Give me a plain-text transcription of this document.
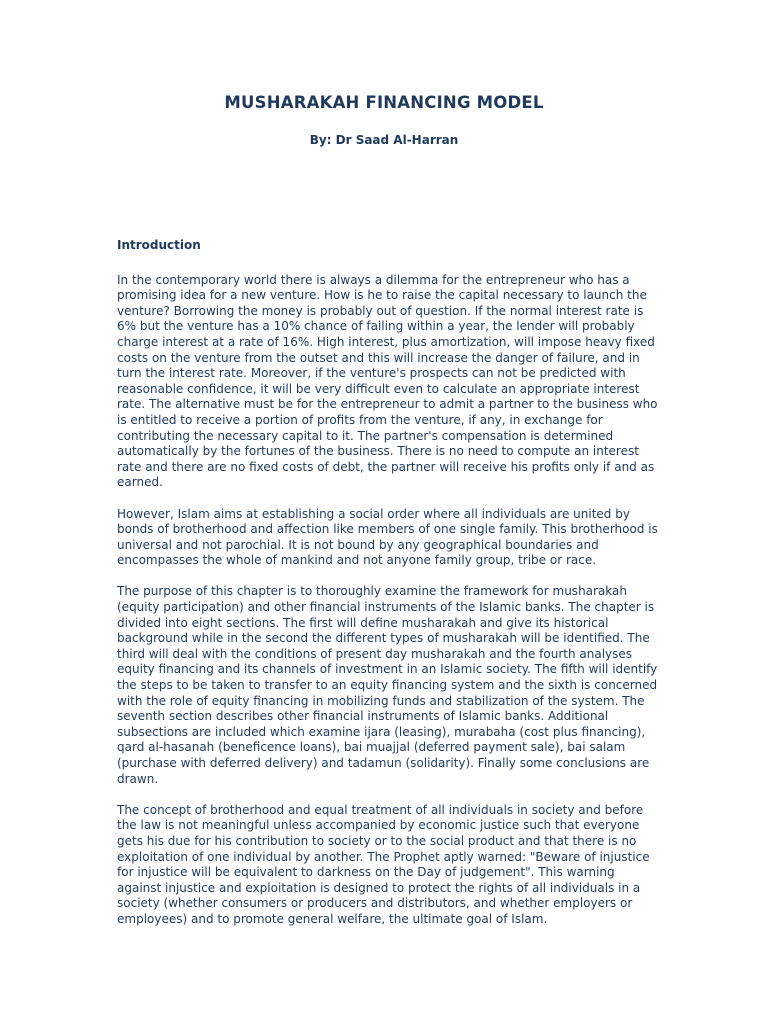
MUSHARAKAH FINANCING MODEL

By: Dr Saad Al-Harran

Introduction

In the contemporary world there is always a dilemma for the entrepreneur who has a promising idea for a new venture. How is he to raise the capital necessary to launch the venture? Borrowing the money is probably out of question. If the normal interest rate is 6% but the venture has a 10% chance of failing within a year, the lender will probably charge interest at a rate of 16%. High interest, plus amortization, will impose heavy fixed costs on the venture from the outset and this will increase the danger of failure, and in turn the interest rate. Moreover, if the venture's prospects can not be predicted with reasonable confidence, it will be very difficult even to calculate an appropriate interest rate. The alternative must be for the entrepreneur to admit a partner to the business who is entitled to receive a portion of profits from the venture, if any, in exchange for contributing the necessary capital to it. The partner's compensation is determined automatically by the fortunes of the business. There is no need to compute an interest rate and there are no fixed costs of debt, the partner will receive his profits only if and as earned.

However, Islam aims at establishing a social order where all individuals are united by bonds of brotherhood and affection like members of one single family. This brotherhood is universal and not parochial. It is not bound by any geographical boundaries and encompasses the whole of mankind and not anyone family group, tribe or race.

The purpose of this chapter is to thoroughly examine the framework for musharakah (equity participation) and other financial instruments of the Islamic banks. The chapter is divided into eight sections. The first will define musharakah and give its historical background while in the second the different types of musharakah will be identified. The third will deal with the conditions of present day musharakah and the fourth analyses equity financing and its channels of investment in an Islamic society. The fifth will identify the steps to be taken to transfer to an equity financing system and the sixth is concerned with the role of equity financing in mobilizing funds and stabilization of the system. The seventh section describes other financial instruments of Islamic banks. Additional subsections are included which examine ijara (leasing), murabaha (cost plus financing), qard al-hasanah (beneficence loans), bai muajjal (deferred payment sale), bai salam (purchase with deferred delivery) and tadamun (solidarity). Finally some conclusions are drawn.

The concept of brotherhood and equal treatment of all individuals in society and before the law is not meaningful unless accompanied by economic justice such that everyone gets his due for his contribution to society or to the social product and that there is no exploitation of one individual by another. The Prophet aptly warned: "Beware of injustice for injustice will be equivalent to darkness on the Day of judgement". This warning against injustice and exploitation is designed to protect the rights of all individuals in a society (whether consumers or producers and distributors, and whether employers or employees) and to promote general welfare, the ultimate goal of Islam.
